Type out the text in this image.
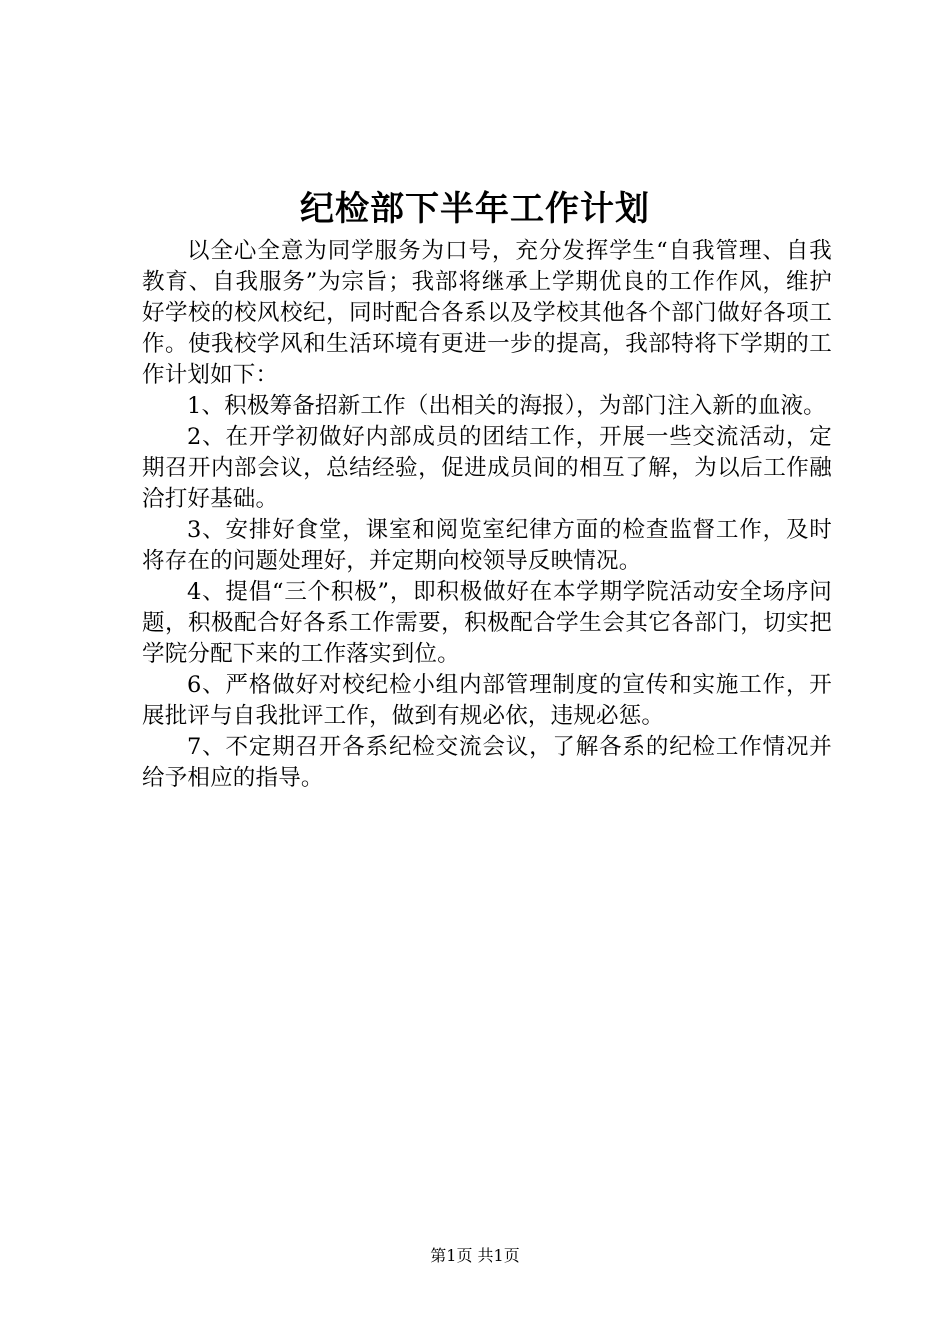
纪检部下半年工作计划

以全心全意为同学服务为口号，充分发挥学生“自我管理、自我教育、自我服务”为宗旨；我部将继承上学期优良的工作作风，维护好学校的校风校纪，同时配合各系以及学校其他各个部门做好各项工作。使我校学风和生活环境有更进一步的提高，我部特将下学期的工作计划如下：

1、积极筹备招新工作（出相关的海报），为部门注入新的血液。

2、在开学初做好内部成员的团结工作，开展一些交流活动，定期召开内部会议，总结经验，促进成员间的相互了解，为以后工作融洽打好基础。

3、安排好食堂，课室和阅览室纪律方面的检查监督工作，及时将存在的问题处理好，并定期向校领导反映情况。

4、提倡“三个积极”，即积极做好在本学期学院活动安全场序问题，积极配合好各系工作需要，积极配合学生会其它各部门，切实把学院分配下来的工作落实到位。

6、严格做好对校纪检小组内部管理制度的宣传和实施工作，开展批评与自我批评工作，做到有规必依，违规必惩。

7、不定期召开各系纪检交流会议，了解各系的纪检工作情况并给予相应的指导。

第1页 共1页
